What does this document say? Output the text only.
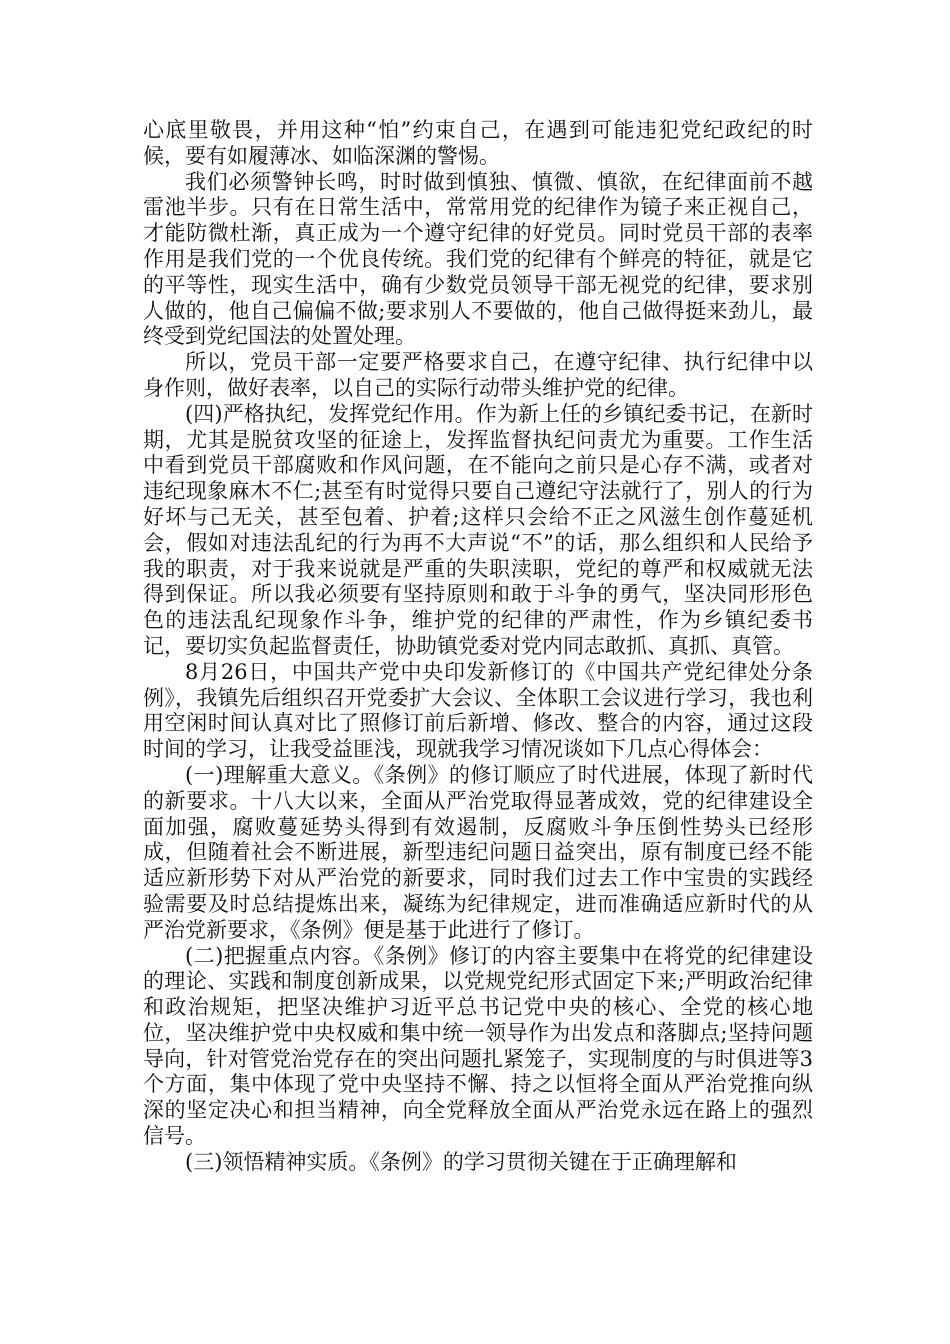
心底里敬畏，并用这种“怕”约束自己，在遇到可能违犯党纪政纪的时候，要有如履薄冰、如临深渊的警惕。

我们必须警钟长鸣，时时做到慎独、慎微、慎欲，在纪律面前不越雷池半步。只有在日常生活中，常常用党的纪律作为镜子来正视自己，才能防微杜渐，真正成为一个遵守纪律的好党员。同时党员干部的表率作用是我们党的一个优良传统。我们党的纪律有个鲜亮的特征，就是它的平等性，现实生活中，确有少数党员领导干部无视党的纪律，要求别人做的，他自己偏偏不做;要求别人不要做的，他自己做得挺来劲儿，最终受到党纪国法的处置处理。

所以，党员干部一定要严格要求自己，在遵守纪律、执行纪律中以身作则，做好表率，以自己的实际行动带头维护党的纪律。

(四)严格执纪，发挥党纪作用。作为新上任的乡镇纪委书记，在新时期，尤其是脱贫攻坚的征途上，发挥监督执纪问责尤为重要。工作生活中看到党员干部腐败和作风问题，在不能向之前只是心存不满，或者对违纪现象麻木不仁;甚至有时觉得只要自己遵纪守法就行了，别人的行为好坏与己无关，甚至包着、护着;这样只会给不正之风滋生创作蔓延机会，假如对违法乱纪的行为再不大声说“不”的话，那么组织和人民给予我的职责，对于我来说就是严重的失职渎职，党纪的尊严和权威就无法得到保证。所以我必须要有坚持原则和敢于斗争的勇气，坚决同形形色色的违法乱纪现象作斗争，维护党的纪律的严肃性，作为乡镇纪委书记，要切实负起监督责任，协助镇党委对党内同志敢抓、真抓、真管。

8月26日，中国共产党中央印发新修订的《中国共产党纪律处分条例》，我镇先后组织召开党委扩大会议、全体职工会议进行学习，我也利用空闲时间认真对比了照修订前后新增、修改、整合的内容，通过这段时间的学习，让我受益匪浅，现就我学习情况谈如下几点心得体会：

(一)理解重大意义。《条例》的修订顺应了时代进展，体现了新时代的新要求。十八大以来，全面从严治党取得显著成效，党的纪律建设全面加强，腐败蔓延势头得到有效遏制，反腐败斗争压倒性势头已经形成，但随着社会不断进展，新型违纪问题日益突出，原有制度已经不能适应新形势下对从严治党的新要求，同时我们过去工作中宝贵的实践经验需要及时总结提炼出来，凝练为纪律规定，进而准确适应新时代的从严治党新要求，《条例》便是基于此进行了修订。

(二)把握重点内容。《条例》修订的内容主要集中在将党的纪律建设的理论、实践和制度创新成果，以党规党纪形式固定下来;严明政治纪律和政治规矩，把坚决维护习近平总书记党中央的核心、全党的核心地位，坚决维护党中央权威和集中统一领导作为出发点和落脚点;坚持问题导向，针对管党治党存在的突出问题扎紧笼子，实现制度的与时俱进等3个方面，集中体现了党中央坚持不懈、持之以恒将全面从严治党推向纵深的坚定决心和担当精神，向全党释放全面从严治党永远在路上的强烈信号。

(三)领悟精神实质。《条例》的学习贯彻关键在于正确理解和
